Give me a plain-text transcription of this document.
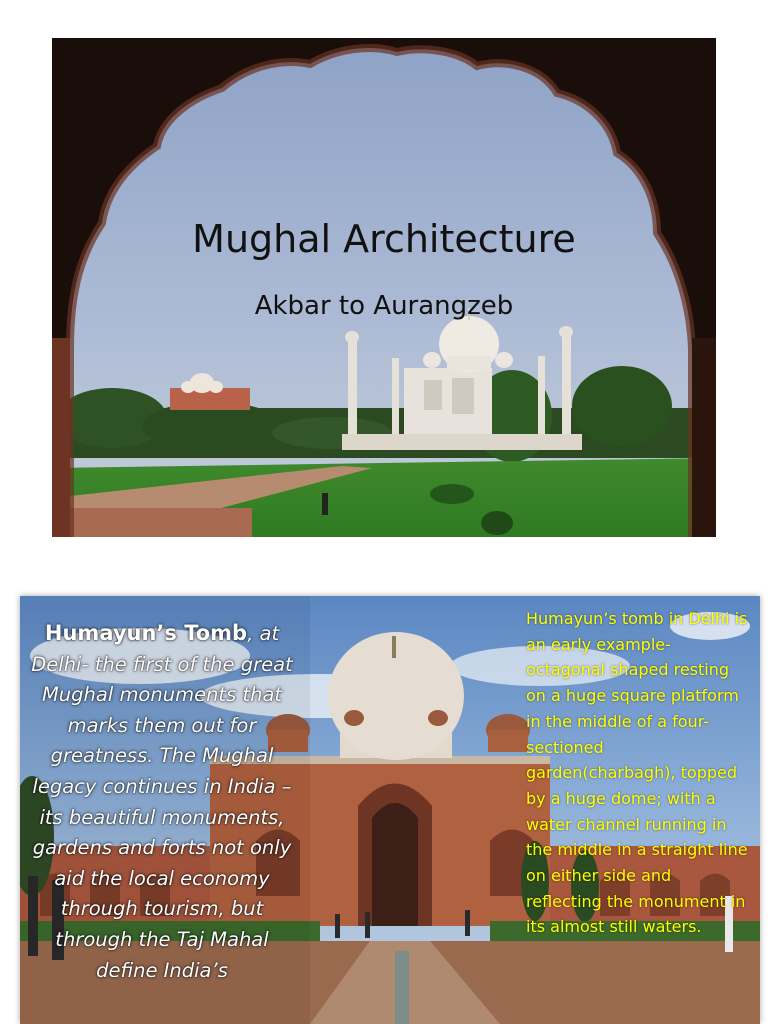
Mughal Architecture
Akbar to Aurangzeb
Humayun’s Tomb, at Delhi- the first of the great Mughal monuments that marks them out for greatness. The Mughal legacy continues in India – its beautiful monuments, gardens and forts not only aid the local economy through tourism, but through the Taj Mahal define India’s
Humayun’s tomb in Delhi is an early example- octagonal shaped resting on a huge square platform in the middle of a four-sectioned garden(charbagh), topped by a huge dome; with a water channel running in the middle in a straight line on either side and reflecting the monument in its almost still waters.
